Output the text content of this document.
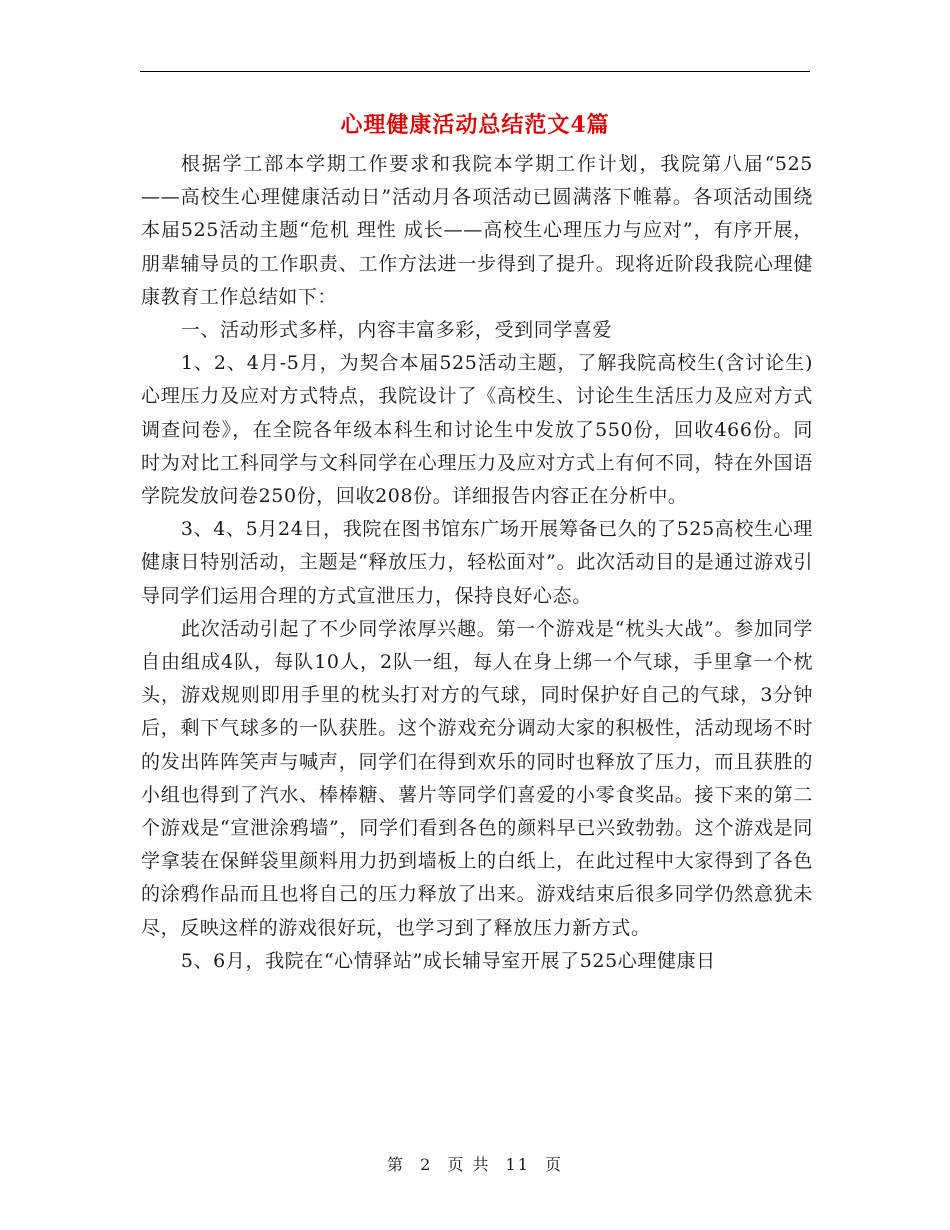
心理健康活动总结范文4篇

根据学工部本学期工作要求和我院本学期工作计划，我院第八届“525——高校生心理健康活动日”活动月各项活动已圆满落下帷幕。各项活动围绕本届525活动主题“危机 理性 成长——高校生心理压力与应对”，有序开展，朋辈辅导员的工作职责、工作方法进一步得到了提升。现将近阶段我院心理健康教育工作总结如下：

一、活动形式多样，内容丰富多彩，受到同学喜爱

1、2、4月-5月，为契合本届525活动主题，了解我院高校生(含讨论生)心理压力及应对方式特点，我院设计了《高校生、讨论生生活压力及应对方式调查问卷》，在全院各年级本科生和讨论生中发放了550份，回收466份。同时为对比工科同学与文科同学在心理压力及应对方式上有何不同，特在外国语学院发放问卷250份，回收208份。详细报告内容正在分析中。

3、4、5月24日，我院在图书馆东广场开展筹备已久的了525高校生心理健康日特别活动，主题是“释放压力，轻松面对”。此次活动目的是通过游戏引导同学们运用合理的方式宣泄压力，保持良好心态。

此次活动引起了不少同学浓厚兴趣。第一个游戏是“枕头大战”。参加同学自由组成4队，每队10人，2队一组，每人在身上绑一个气球，手里拿一个枕头，游戏规则即用手里的枕头打对方的气球，同时保护好自己的气球，3分钟后，剩下气球多的一队获胜。这个游戏充分调动大家的积极性，活动现场不时的发出阵阵笑声与喊声，同学们在得到欢乐的同时也释放了压力，而且获胜的小组也得到了汽水、棒棒糖、薯片等同学们喜爱的小零食奖品。接下来的第二个游戏是“宣泄涂鸦墙”，同学们看到各色的颜料早已兴致勃勃。这个游戏是同学拿装在保鲜袋里颜料用力扔到墙板上的白纸上，在此过程中大家得到了各色的涂鸦作品而且也将自己的压力释放了出来。游戏结束后很多同学仍然意犹未尽，反映这样的游戏很好玩，也学习到了释放压力新方式。

5、6月，我院在“心情驿站”成长辅导室开展了525心理健康日

第 2 页 共 11 页
